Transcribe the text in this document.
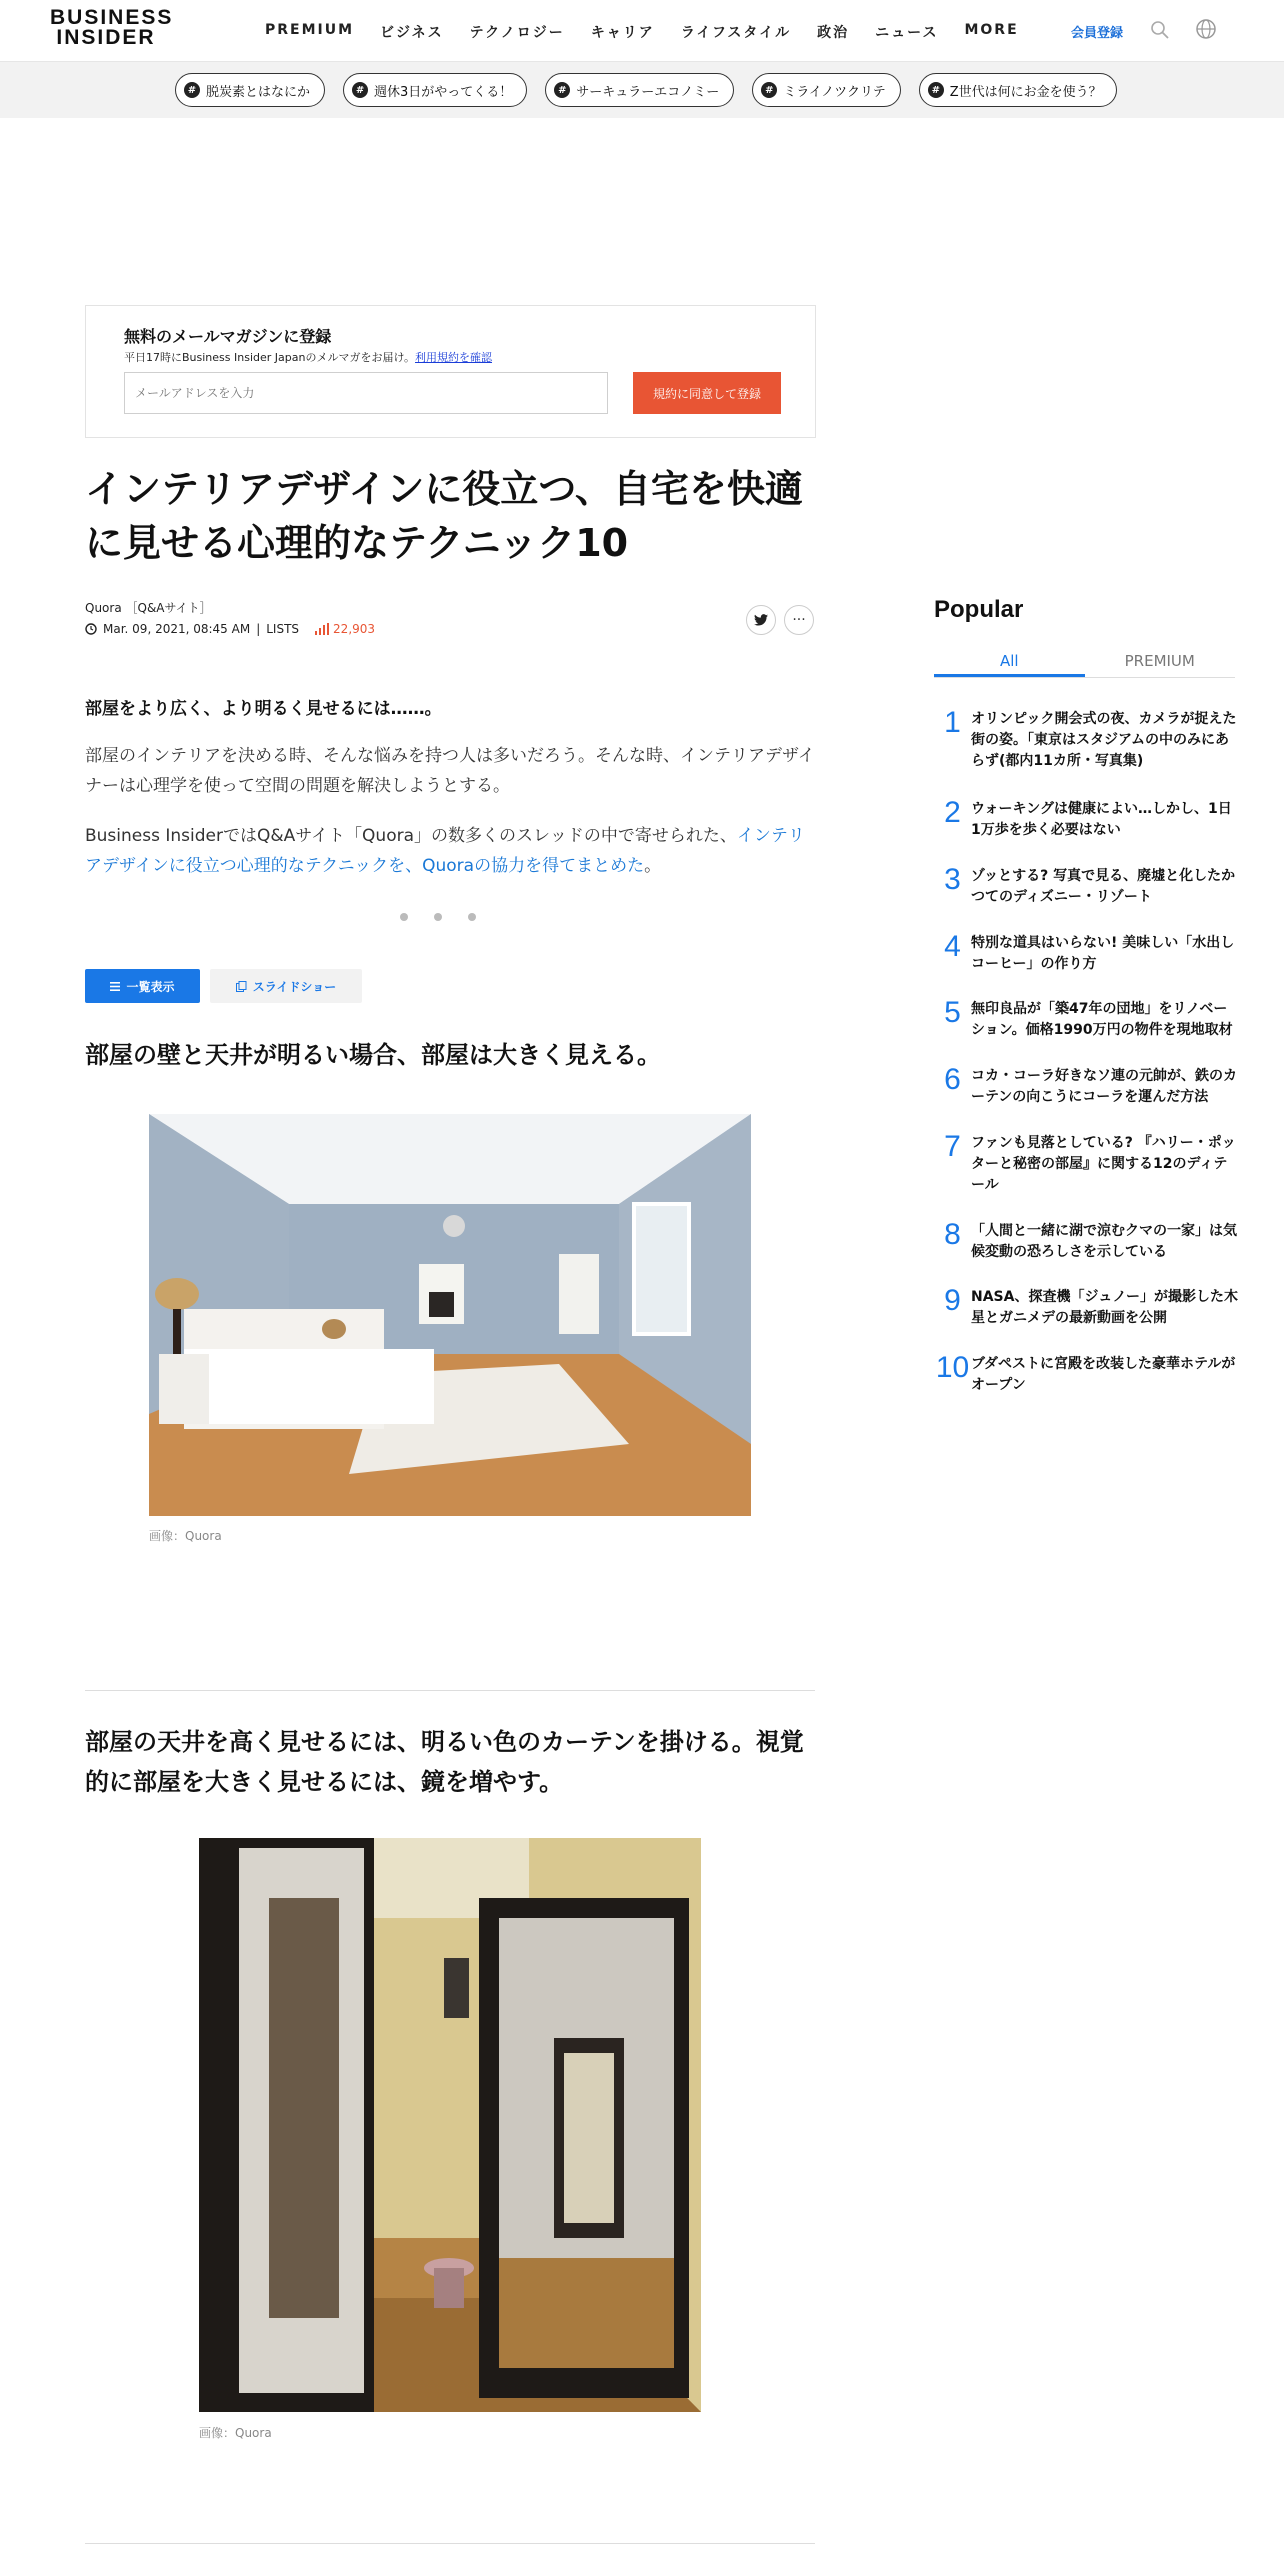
BUSINESS
INSIDER	PREMIUM ビジネス テクノロジー キャリア ライフスタイル 政治 ニュース MORE	会員登録
# 脱炭素とはなにか	# 週休3日がやってくる！	# サーキュラーエコノミー	# ミライノツクリテ	# Z世代は何にお金を使う？
無料のメールマガジンに登録
平日17時にBusiness Insider Japanのメルマガをお届け。利用規約を確認
メールアドレスを入力	規約に同意して登録
インテリアデザインに役立つ、自宅を快適に見せる心理的なテクニック10
Quora ［Q&Aサイト］
Mar. 09, 2021, 08:45 AM | LISTS	22,903
···
部屋をより広く、より明るく見せるには……。

部屋のインテリアを決める時、そんな悩みを持つ人は多いだろう。そんな時、インテリアデザイナーは心理学を使って空間の問題を解決しようとする。

Business InsiderではQ&Aサイト「Quora」の数多くのスレッドの中で寄せられた、インテリアデザインに役立つ心理的なテクニックを、Quoraの協力を得てまとめた。

一覧表示	スライドショー
部屋の壁と天井が明るい場合、部屋は大きく見える。
画像：Quora
部屋の天井を高く見せるには、明るい色のカーテンを掛ける。視覚的に部屋を大きく見せるには、鏡を増やす。
画像：Quora
Popular
All	PREMIUM
1 オリンピック開会式の夜、カメラが捉えた街の姿。「東京はスタジアムの中のみにあらず(都内11カ所・写真集)
2 ウォーキングは健康によい…しかし、1日1万歩を歩く必要はない
3 ゾッとする? 写真で見る、廃墟と化したかつてのディズニー・リゾート
4 特別な道具はいらない! 美味しい「水出しコーヒー」の作り方
5 無印良品が「築47年の団地」をリノベーション。価格1990万円の物件を現地取材
6 コカ・コーラ好きなソ連の元帥が、鉄のカーテンの向こうにコーラを運んだ方法
7 ファンも見落としている? 『ハリー・ポッターと秘密の部屋』に関する12のディテール
8 「人間と一緒に湖で涼むクマの一家」は気候変動の恐ろしさを示している
9 NASA、探査機「ジュノー」が撮影した木星とガニメデの最新動画を公開
10 ブダペストに宮殿を改装した豪華ホテルがオープン
